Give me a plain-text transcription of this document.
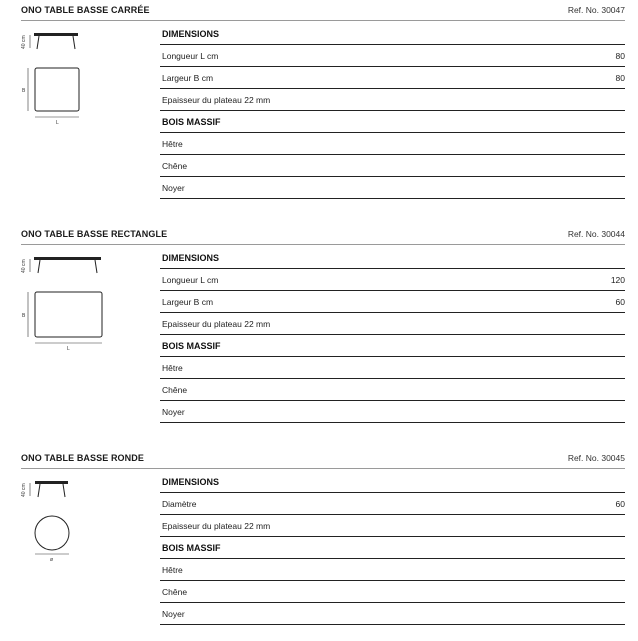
ONO TABLE BASSE CARRÉE	Ref. No. 30047
40 cm
B
L
DIMENSIONS
Longueur L cm	80
Largeur B cm	80
Epaisseur du plateau 22 mm
BOIS MASSIF
Hêtre
Chêne
Noyer
ONO TABLE BASSE RECTANGLE	Ref. No. 30044
40 cm
B
L
DIMENSIONS
Longueur L cm	120
Largeur B cm	60
Epaisseur du plateau 22 mm
BOIS MASSIF
Hêtre
Chêne
Noyer
ONO TABLE BASSE RONDE	Ref. No. 30045
40 cm
ø
DIMENSIONS
Diamètre	60
Epaisseur du plateau 22 mm
BOIS MASSIF
Hêtre
Chêne
Noyer
